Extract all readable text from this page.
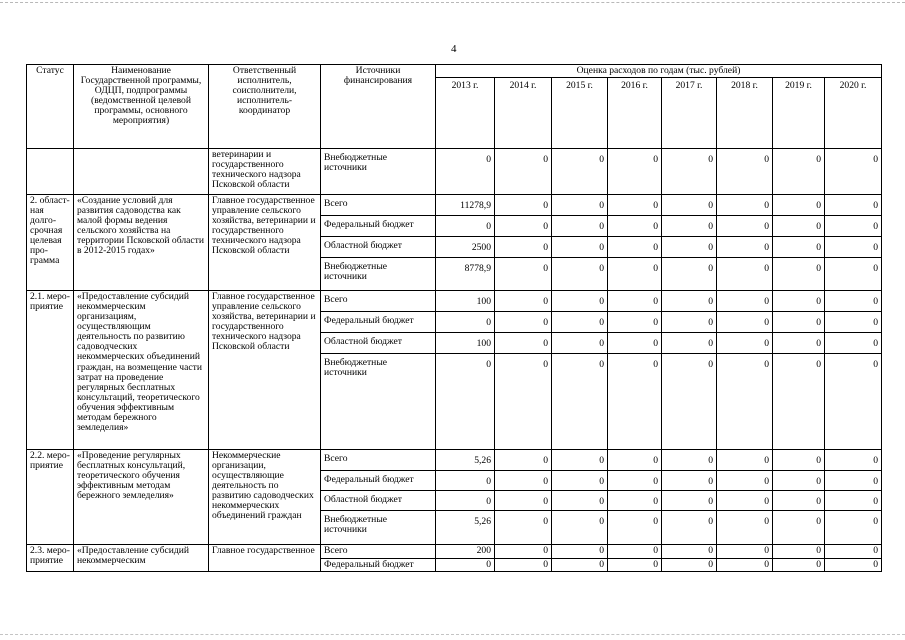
4
Статус	Наименование Государственной программы, ОДЦП, подпрограммы (ведомственной целевой программы, основного мероприятия)	Ответственный исполнитель, соисполнители, исполнитель-координатор	Источники финансирования	Оценка расходов по годам (тыс. рублей)							
				2013 г.	2014 г.	2015 г.	2016 г.	2017 г.	2018 г.	2019 г.	2020 г.
		ветеринарии и государственного технического надзора Псковской области	Внебюджетные источники	0	0	0	0	0	0	0	0
2. област-ная долго-срочная целевая про-грамма	«Создание условий для развития садоводства как малой формы ведения сельского хозяйства на территории Псковской области в 2012-2015 годах»	Главное государственное управление сельского хозяйства, ветеринарии и государственного технического надзора Псковской области	Всего	11278,9	0	0	0	0	0	0	0
			Федеральный бюджет	0	0	0	0	0	0	0	0
			Областной бюджет	2500	0	0	0	0	0	0	0
			Внебюджетные источники	8778,9	0	0	0	0	0	0	0
2.1. меро-приятие	«Предоставление субсидий некоммерческим организациям, осуществляющим деятельность по развитию садоводческих некоммерческих объединений граждан, на возмещение части затрат на проведение регулярных бесплатных консультаций, теоретического обучения эффективным методам бережного земледелия»	Главное государственное управление сельского хозяйства, ветеринарии и государственного технического надзора Псковской области	Всего	100	0	0	0	0	0	0	0
			Федеральный бюджет	0	0	0	0	0	0	0	0
			Областной бюджет	100	0	0	0	0	0	0	0
			Внебюджетные источники	0	0	0	0	0	0	0	0
2.2. меро-приятие	«Проведение регулярных бесплатных консультаций, теоретического обучения эффективным методам бережного земледелия»	Некоммерческие организации, осуществляющие деятельность по развитию садоводческих некоммерческих объединений граждан	Всего	5,26	0	0	0	0	0	0	0
			Федеральный бюджет	0	0	0	0	0	0	0	0
			Областной бюджет	0	0	0	0	0	0	0	0
			Внебюджетные источники	5,26	0	0	0	0	0	0	0
2.3. меро-приятие	«Предоставление субсидий некоммерческим	Главное государственное	Всего	200	0	0	0	0	0	0	0
			Федеральный бюджет	0	0	0	0	0	0	0	0
